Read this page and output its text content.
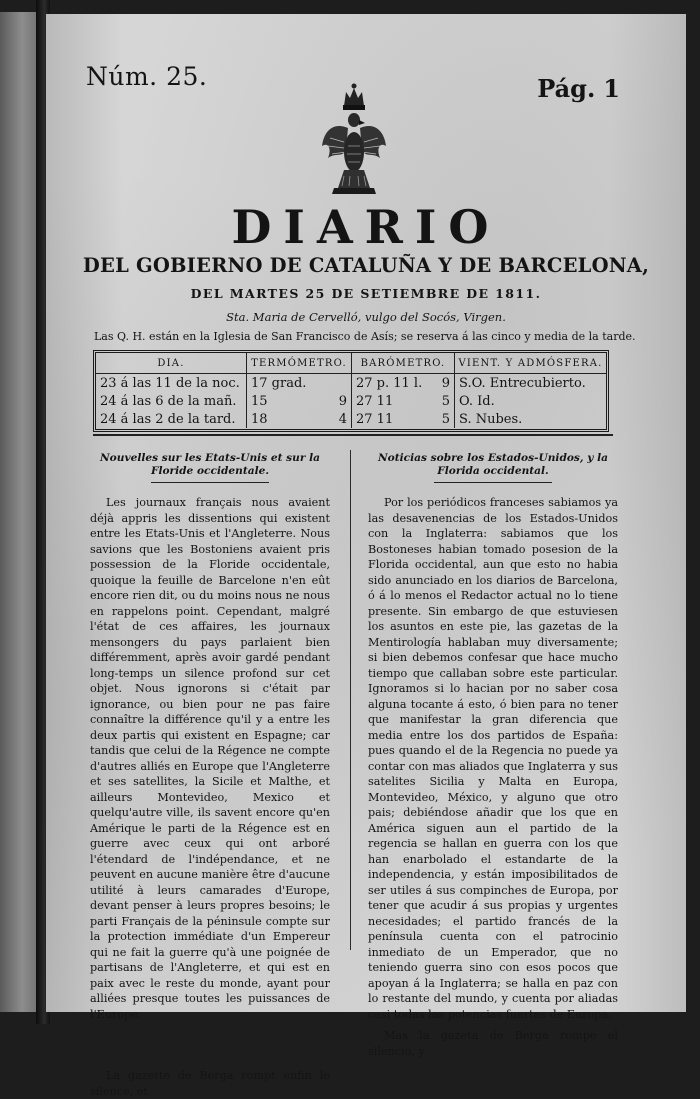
Núm. 25.	Pág. 1
DIARIO
DEL GOBIERNO DE CATALUÑA Y DE BARCELONA,
DEL MARTES 25 DE SETIEMBRE DE 1811.
Sta. Maria de Cervelló, vulgo del Socós, Virgen.
Las Q. H. están en la Iglesia de San Francisco de Asís; se reserva á las cinco y media de la tarde.
DIA.	TERMÓMETRO.	BARÓMETRO.	VIENT. Y ADMÓSFERA.
23 á las 11 de la noc.	17 grad.	27 p. 11 l. 9	S.O. Entrecubierto.
24 á las 6 de la mañ.	15 9	27 11 5	O. Id.
24 á las 2 de la tard.	18 4	27 11 5	S. Nubes.
Nouvelles sur les Etats-Unis et sur la Floride occidentale.

Les journaux français nous avaient déjà appris les dissentions qui existent entre les Etats-Unis et l'Angleterre. Nous savions que les Bostoniens avaient pris possession de la Floride occidentale, quoique la feuille de Barcelone n'en eût encore rien dit, ou du moins nous ne nous en rappelons point. Cependant, malgré l'état de ces affaires, les journaux mensongers du pays parlaient bien différemment, après avoir gardé pendant long-temps un silence profond sur cet objet. Nous ignorons si c'était par ignorance, ou bien pour ne pas faire connaître la différence qu'il y a entre les deux partis qui existent en Espagne; car tandis que celui de la Régence ne compte d'autres alliés en Europe que l'Angleterre et ses satellites, la Sicile et Malthe, et ailleurs Montevideo, Mexico et quelqu'autre ville, ils savent encore qu'en Amérique le parti de la Régence est en guerre avec ceux qui ont arboré l'étendard de l'indépendance, et ne peuvent en aucune manière être d'aucune utilité à leurs camarades d'Europe, devant penser à leurs propres besoins; le parti Français de la péninsule compte sur la protection immédiate d'un Empereur qui ne fait la guerre qu'à une poignée de partisans de l'Angleterre, et qui est en paix avec le reste du monde, ayant pour alliées presque toutes les puissances de l'Europe.

La gazette de Berga rompt enfin le silence, et

Noticias sobre los Estados-Unidos, y la Florida occidental.

Por los periódicos franceses sabiamos ya las desavenencias de los Estados-Unidos con la Inglaterra: sabiamos que los Bostoneses habian tomado posesion de la Florida occidental, aun que esto no habia sido anunciado en los diarios de Barcelona, ó á lo menos el Redactor actual no lo tiene presente. Sin embargo de que estuviesen los asuntos en este pie, las gazetas de la Mentirología hablaban muy diversamente; si bien debemos confesar que hace mucho tiempo que callaban sobre este particular. Ignoramos si lo hacian por no saber cosa alguna tocante á esto, ó bien para no tener que manifestar la gran diferencia que media entre los dos partidos de España: pues quando el de la Regencia no puede ya contar con mas aliados que Inglaterra y sus satelites Sicilia y Malta en Europa, Montevideo, México, y alguno que otro pais; debiéndose añadir que los que en América siguen aun el partido de la regencia se hallan en guerra con los que han enarbolado el estandarte de la independencia, y están imposibilitados de ser utiles á sus compinches de Europa, por tener que acudir á sus propias y urgentes necesidades; el partido francés de la península cuenta con el patrocinio inmediato de un Emperador, que no teniendo guerra sino con esos pocos que apoyan á la Inglaterra; se halla en paz con lo restante del mundo, y cuenta por aliadas casi todas las potencias fuertes de Europa.

Mas la gazeta de Berga rompe el silencio, y
